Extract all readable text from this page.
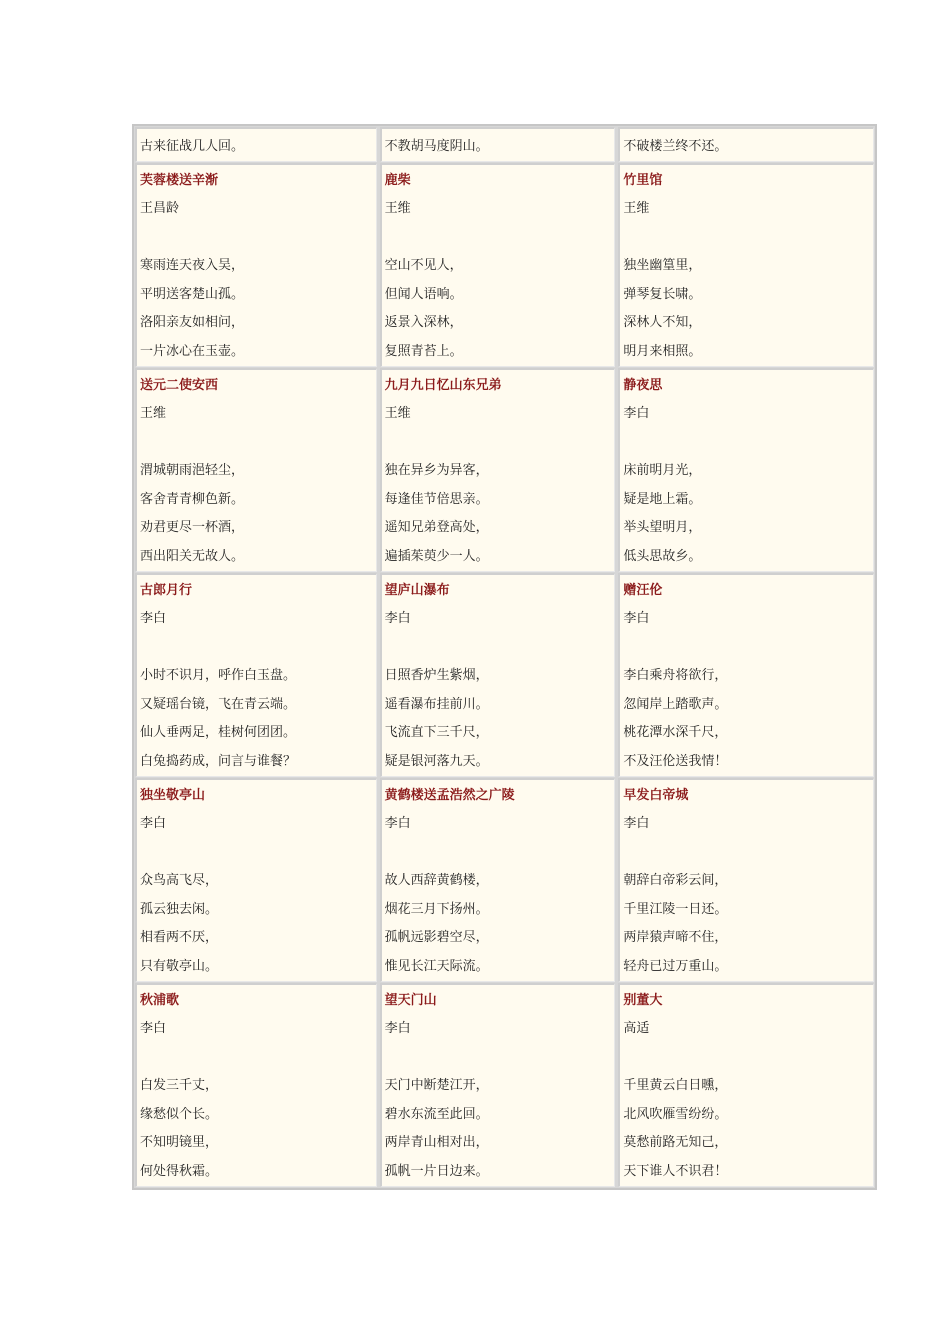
古来征战几人回。	不教胡马度阴山。	不破楼兰终不还。
芙蓉楼送辛渐
王昌龄
寒雨连天夜入吴，
平明送客楚山孤。
洛阳亲友如相问，
一片冰心在玉壶。
鹿柴
王维
空山不见人，
但闻人语响。
返景入深林，
复照青苔上。
竹里馆
王维
独坐幽篁里，
弹琴复长啸。
深林人不知，
明月来相照。
送元二使安西
王维
渭城朝雨浥轻尘，
客舍青青柳色新。
劝君更尽一杯酒，
西出阳关无故人。
九月九日忆山东兄弟
王维
独在异乡为异客，
每逢佳节倍思亲。
遥知兄弟登高处，
遍插茱萸少一人。
静夜思
李白
床前明月光，
疑是地上霜。
举头望明月，
低头思故乡。
古郎月行
李白
小时不识月，呼作白玉盘。
又疑瑶台镜，飞在青云端。
仙人垂两足，桂树何团团。
白兔捣药成，问言与谁餐？
望庐山瀑布
李白
日照香炉生紫烟，
遥看瀑布挂前川。
飞流直下三千尺，
疑是银河落九天。
赠汪伦
李白
李白乘舟将欲行，
忽闻岸上踏歌声。
桃花潭水深千尺，
不及汪伦送我情！
独坐敬亭山
李白
众鸟高飞尽，
孤云独去闲。
相看两不厌，
只有敬亭山。
黄鹤楼送孟浩然之广陵
李白
故人西辞黄鹤楼，
烟花三月下扬州。
孤帆远影碧空尽，
惟见长江天际流。
早发白帝城
李白
朝辞白帝彩云间，
千里江陵一日还。
两岸猿声啼不住，
轻舟已过万重山。
秋浦歌
李白
白发三千丈，
缘愁似个长。
不知明镜里，
何处得秋霜。
望天门山
李白
天门中断楚江开，
碧水东流至此回。
两岸青山相对出，
孤帆一片日边来。
别董大
高适
千里黄云白日曛，
北风吹雁雪纷纷。
莫愁前路无知己，
天下谁人不识君！
